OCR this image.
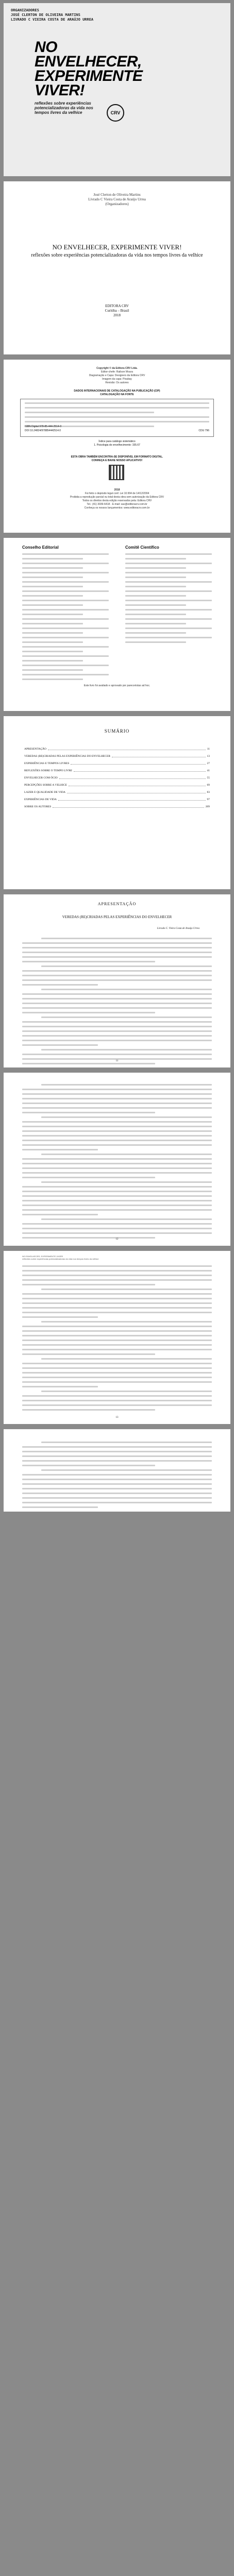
ORGANIZADORES
JOSÉ CLERTON DE OLIVEIRA MARTINS
LIVRADO C VIEIRA COSTA DE ARAÚJO URREA
NO
ENVELHECER,
EXPERIMENTE
VIVER!
reflexões sobre experiências potencializadoras da vida nos tempos livres da velhice	CRV
José Clerton de Oliveira Martins
Lívrado C Vieira Costa de Araújo Urrea
(Organizadores)
NO ENVELHECER, EXPERIMENTE VIVER!
reflexões sobre experiências potencializadoras da vida nos tempos livres da velhice
EDITORA CRV
Curitiba – Brasil
2018
Copyright © da Editora CRV Ltda.
Editor-chefe: Railson Moura
Diagramação e Capa: Designers da Editora CRV
Imagem da capa: Pixabay
Revisão: Os autores
DADOS INTERNACIONAIS DE CATALOGAÇÃO NA PUBLICAÇÃO (CIP)
CATALOGAÇÃO NA FONTE
ISBN Digital 978-85-444-2514-0
DOI 10.24824/978854442514.0	CDU 796
Índice para catálogo sistemático
1. Psicologia do envelhecimento: 155.67
ESTA OBRA TAMBÉM ENCONTRA-SE DISPONÍVEL EM FORMATO DIGITAL.
CONHEÇA E BAIXE NOSSO APLICATIVO!
2018
Foi feito o depósito legal conf. Lei 10.994 de 14/12/2004
Proibida a reprodução parcial ou total desta obra sem autorização da Editora CRV
Todos os direitos desta edição reservados pela: Editora CRV
Tel.: (41) 3039-6418 - E-mail: sac@editoracrv.com.br
Conheça os nossos lançamentos: www.editoracrv.com.br
Conselho Editorial	Comitê Científico
Este livro foi avaliado e aprovado por pareceristas ad hoc.
SUMÁRIO
APRESENTAÇÃO	11
VEREDAS (RE)CRIADAS PELAS EXPERIÊNCIAS DO ENVELHECER	13
EXPERIÊNCIAS E TEMPOS LIVRES	27
REFLEXÕES SOBRE O TEMPO LIVRE	41
ENVELHECER COM ÓCIO	55
PERCEPÇÕES SOBRE A VELHICE	69
LAZER E QUALIDADE DE VIDA	83
EXPERIÊNCIAS DE VIDA	97
SOBRE OS AUTORES	209
APRESENTAÇÃO
VEREDAS (RE)CRIADAS PELAS EXPERIÊNCIAS DO ENVELHECER
Livrado C. Vieira Costa de Araújo Urrea
11
12
NO ENVELHECER, EXPERIMENTE VIVER!
reflexões sobre experiências potencializadoras da vida nos tempos livres da velhice
13
